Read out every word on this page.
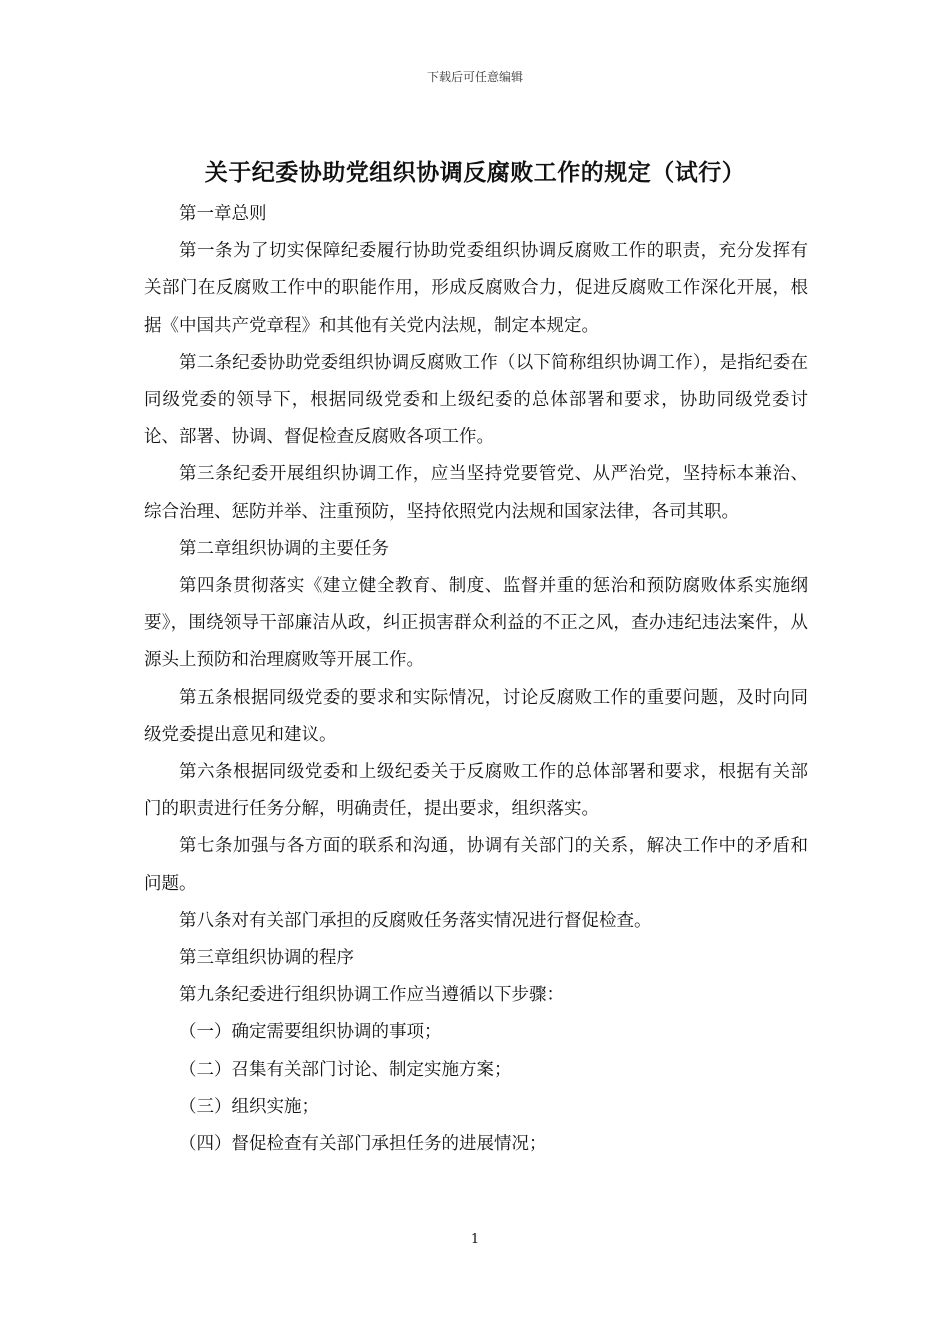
下载后可任意编辑
关于纪委协助党组织协调反腐败工作的规定（试行）

第一章总则

第一条为了切实保障纪委履行协助党委组织协调反腐败工作的职责，充分发挥有关部门在反腐败工作中的职能作用，形成反腐败合力，促进反腐败工作深化开展，根据《中国共产党章程》和其他有关党内法规，制定本规定。

第二条纪委协助党委组织协调反腐败工作（以下简称组织协调工作），是指纪委在同级党委的领导下，根据同级党委和上级纪委的总体部署和要求，协助同级党委讨论、部署、协调、督促检查反腐败各项工作。

第三条纪委开展组织协调工作，应当坚持党要管党、从严治党，坚持标本兼治、综合治理、惩防并举、注重预防，坚持依照党内法规和国家法律，各司其职。

第二章组织协调的主要任务

第四条贯彻落实《建立健全教育、制度、监督并重的惩治和预防腐败体系实施纲要》，围绕领导干部廉洁从政，纠正损害群众利益的不正之风，查办违纪违法案件，从源头上预防和治理腐败等开展工作。

第五条根据同级党委的要求和实际情况，讨论反腐败工作的重要问题，及时向同级党委提出意见和建议。

第六条根据同级党委和上级纪委关于反腐败工作的总体部署和要求，根据有关部门的职责进行任务分解，明确责任，提出要求，组织落实。

第七条加强与各方面的联系和沟通，协调有关部门的关系，解决工作中的矛盾和问题。

第八条对有关部门承担的反腐败任务落实情况进行督促检查。

第三章组织协调的程序

第九条纪委进行组织协调工作应当遵循以下步骤：

（一）确定需要组织协调的事项；

（二）召集有关部门讨论、制定实施方案；

（三）组织实施；

（四）督促检查有关部门承担任务的进展情况；

1
